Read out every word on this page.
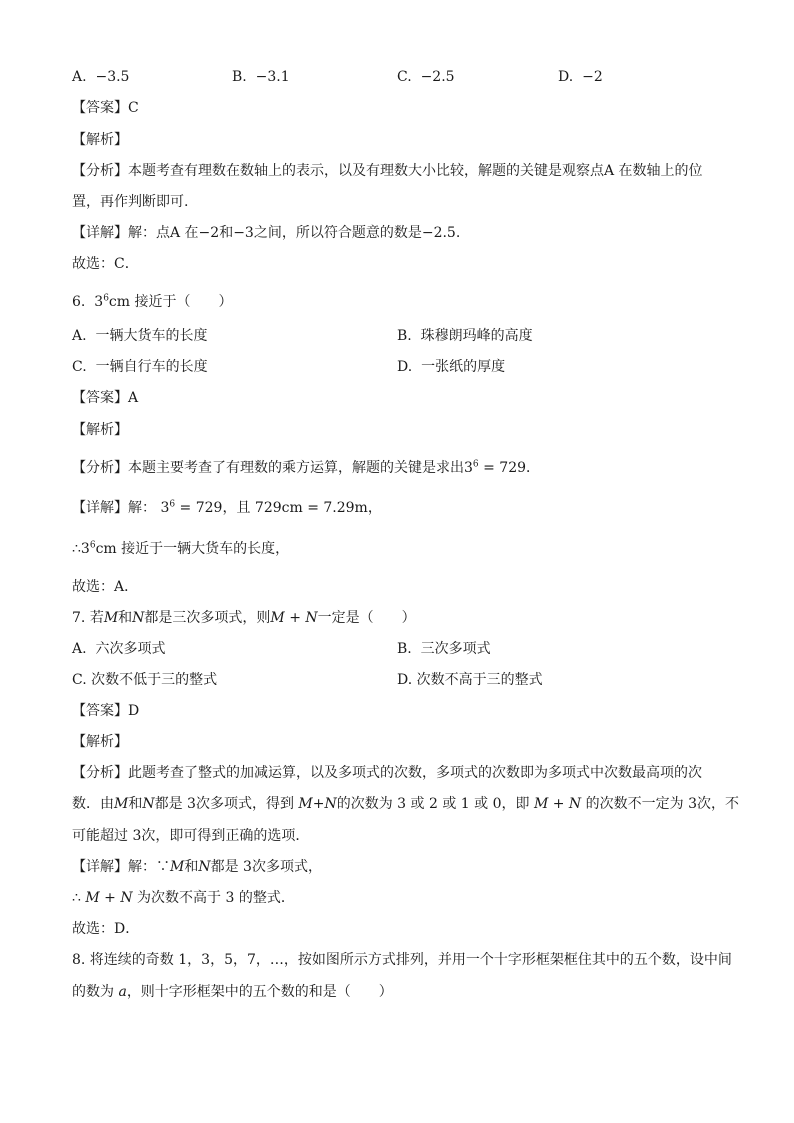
A. −3.5	B. −3.1	C. −2.5	D. −2
【答案】C
【解析】
【分析】本题考查有理数在数轴上的表示，以及有理数大小比较，解题的关键是观察点A 在数轴上的位
置，再作判断即可.
【详解】解：点A 在−2和−3之间，所以符合题意的数是−2.5.
故选：C．
6. $3^6cm$ 接近于（　　）
A. 一辆大货车的长度	B. 珠穆朗玛峰的高度
C. 一辆自行车的长度	D. 一张纸的厚度
【答案】A
【解析】
【分析】本题主要考查了有理数的乘方运算，解题的关键是求出$3^6 = 729$．
【详解】解： $3^6 = 729$，且 729cm = 7.29m，
$\therefore 3^6cm$ 接近于一辆大货车的长度，
故选：A．
7. 若M和N都是三次多项式，则M + N一定是（　　）
A. 六次多项式	B. 三次多项式
C. 次数不低于三的整式	D. 次数不高于三的整式
【答案】D
【解析】
【分析】此题考查了整式的加减运算，以及多项式的次数，多项式的次数即为多项式中次数最高项的次
数．由M和N都是 3次多项式，得到 M+N的次数为 3 或 2 或 1 或 0，即 M + N 的次数不一定为 3次，不
可能超过 3次，即可得到正确的选项．
【详解】解：∵M和N都是 3次多项式，
∴ M + N 为次数不高于 3 的整式．
故选：D．
8. 将连续的奇数 1，3，5，7，…，按如图所示方式排列，并用一个十字形框架框住其中的五个数，设中间
的数为 a，则十字形框架中的五个数的和是（　　）
